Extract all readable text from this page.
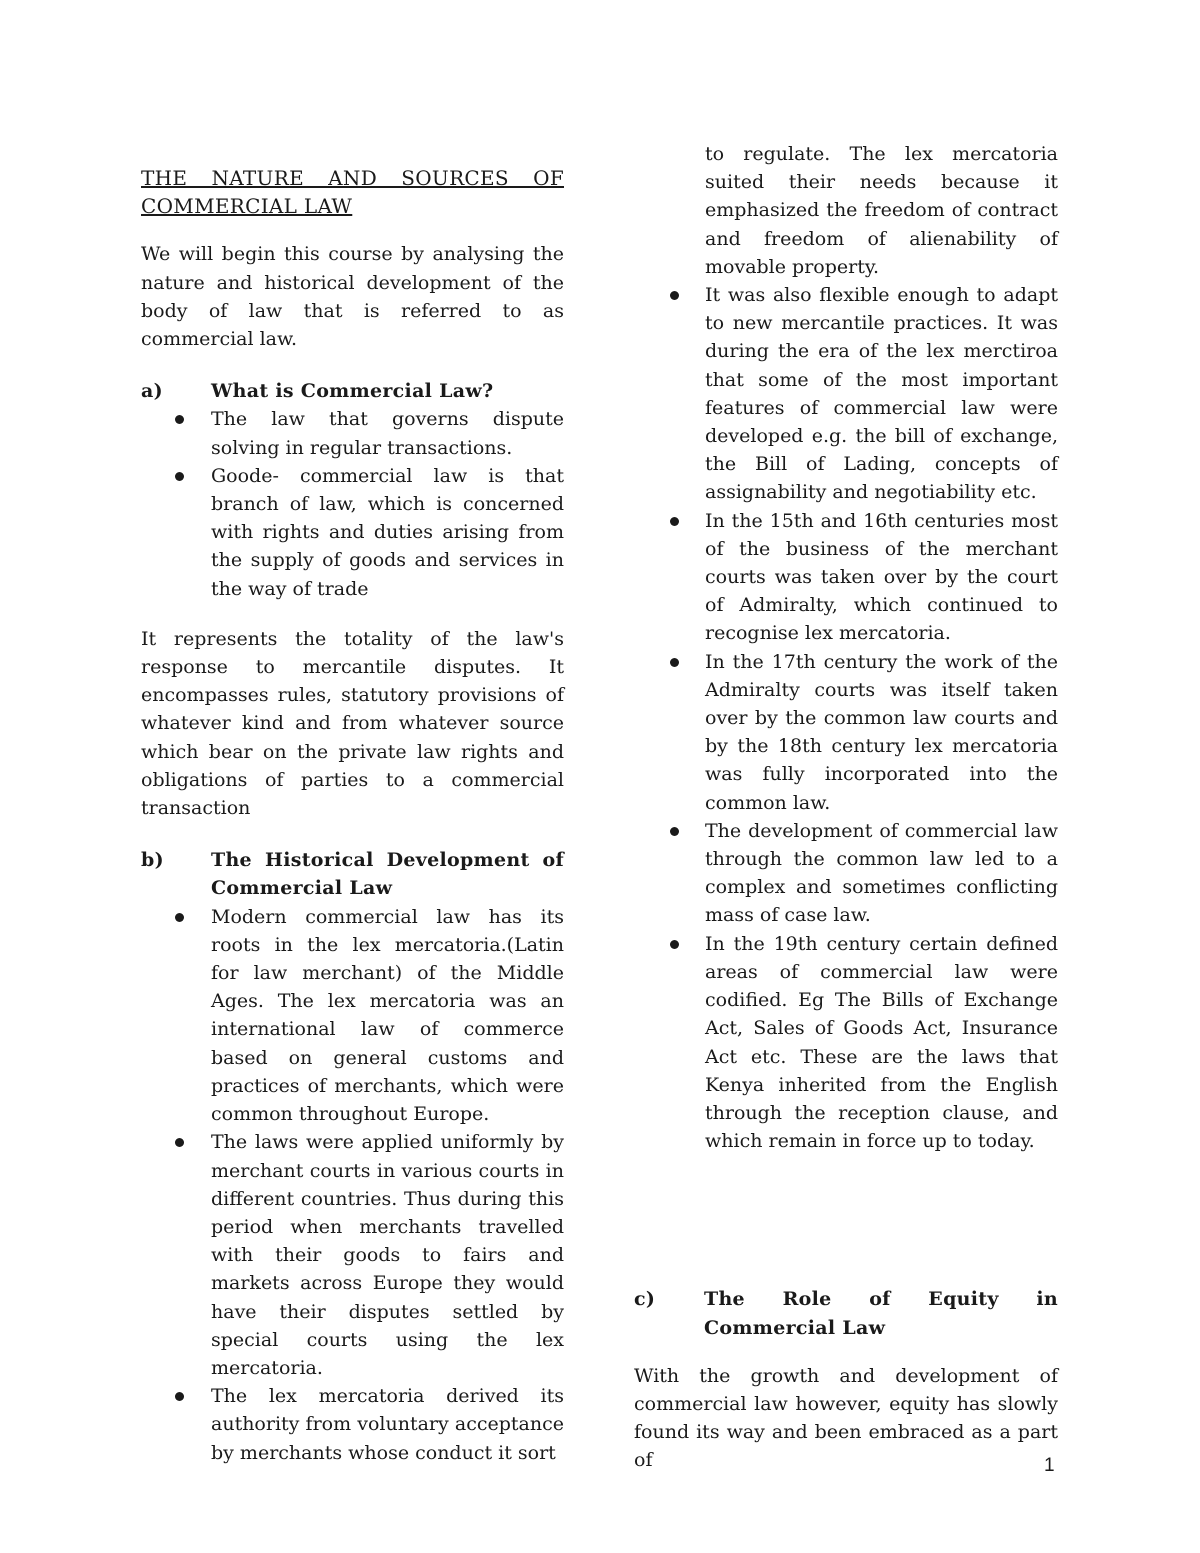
THE NATURE AND SOURCES OF COMMERCIAL LAW

We will begin this course by analysing the nature and historical development of the body of law that is referred to as commercial law.

a)	What is Commercial Law?
The law that governs dispute solving in regular transactions.
Goode- commercial law is that branch of law, which is concerned with rights and duties arising from the supply of goods and services in the way of trade

It represents the totality of the law's response to mercantile disputes. It encompasses rules, statutory provisions of whatever kind and from whatever source which bear on the private law rights and obligations of parties to a commercial transaction

b)	The Historical Development of Commercial Law
Modern commercial law has its roots in the lex mercatoria.(Latin for law merchant) of the Middle Ages. The lex mercatoria was an international law of commerce based on general customs and practices of merchants, which were common throughout Europe.
The laws were applied uniformly by merchant courts in various courts in different countries. Thus during this period when merchants travelled with their goods to fairs and markets across Europe they would have their disputes settled by special courts using the lex mercatoria.
The lex mercatoria derived its authority from voluntary acceptance by merchants whose conduct it sort

to regulate. The lex mercatoria suited their needs because it emphasized the freedom of contract and freedom of alienability of movable property.

It was also flexible enough to adapt to new mercantile practices. It was during the era of the lex merctiroa that some of the most important features of commercial law were developed e.g. the bill of exchange, the Bill of Lading, concepts of assignability and negotiability etc.
In the 15th and 16th centuries most of the business of the merchant courts was taken over by the court of Admiralty, which continued to recognise lex mercatoria.
In the 17th century the work of the Admiralty courts was itself taken over by the common law courts and by the 18th century lex mercatoria was fully incorporated into the common law.
The development of commercial law through the common law led to a complex and sometimes conflicting mass of case law.
In the 19th century certain defined areas of commercial law were codified. Eg The Bills of Exchange Act, Sales of Goods Act, Insurance Act etc. These are the laws that Kenya inherited from the English through the reception clause, and which remain in force up to today.
c)	The Role of Equity in Commercial Law

With the growth and development of commercial law however, equity has slowly found its way and been embraced as a part of	1
